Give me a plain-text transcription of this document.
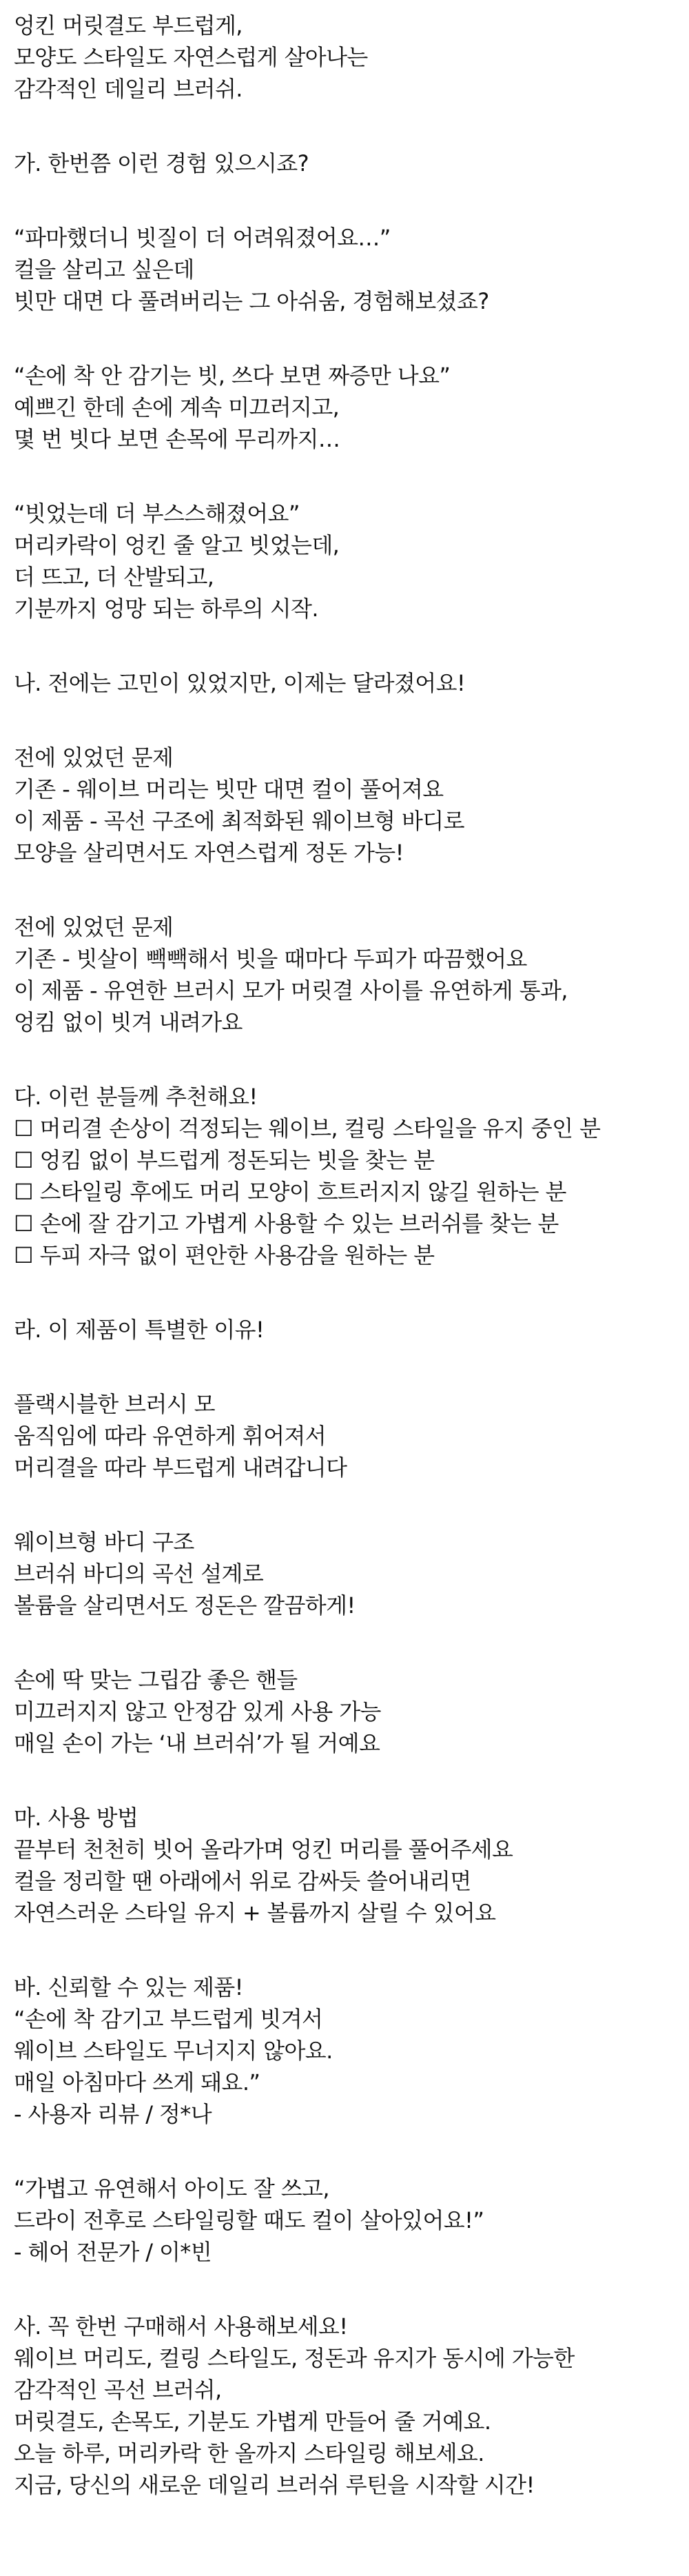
엉킨 머릿결도 부드럽게,
모양도 스타일도 자연스럽게 살아나는
감각적인 데일리 브러쉬.
가. 한번쯤 이런 경험 있으시죠?
“파마했더니 빗질이 더 어려워졌어요…”
컬을 살리고 싶은데
빗만 대면 다 풀려버리는 그 아쉬움, 경험해보셨죠?
“손에 착 안 감기는 빗, 쓰다 보면 짜증만 나요”
예쁘긴 한데 손에 계속 미끄러지고,
몇 번 빗다 보면 손목에 무리까지…
“빗었는데 더 부스스해졌어요”
머리카락이 엉킨 줄 알고 빗었는데,
더 뜨고, 더 산발되고,
기분까지 엉망 되는 하루의 시작.
나. 전에는 고민이 있었지만, 이제는 달라졌어요!
전에 있었던 문제
기존 - 웨이브 머리는 빗만 대면 컬이 풀어져요
이 제품 - 곡선 구조에 최적화된 웨이브형 바디로
모양을 살리면서도 자연스럽게 정돈 가능!
전에 있었던 문제
기존 - 빗살이 빽빽해서 빗을 때마다 두피가 따끔했어요
이 제품 - 유연한 브러시 모가 머릿결 사이를 유연하게 통과,
엉킴 없이 빗겨 내려가요
다. 이런 분들께 추천해요!
☐ 머리결 손상이 걱정되는 웨이브, 컬링 스타일을 유지 중인 분
☐ 엉킴 없이 부드럽게 정돈되는 빗을 찾는 분
☐ 스타일링 후에도 머리 모양이 흐트러지지 않길 원하는 분
☐ 손에 잘 감기고 가볍게 사용할 수 있는 브러쉬를 찾는 분
☐ 두피 자극 없이 편안한 사용감을 원하는 분
라. 이 제품이 특별한 이유!
플랙시블한 브러시 모
움직임에 따라 유연하게 휘어져서
머리결을 따라 부드럽게 내려갑니다
웨이브형 바디 구조
브러쉬 바디의 곡선 설계로
볼륨을 살리면서도 정돈은 깔끔하게!
손에 딱 맞는 그립감 좋은 핸들
미끄러지지 않고 안정감 있게 사용 가능
매일 손이 가는 ‘내 브러쉬’가 될 거예요
마. 사용 방법
끝부터 천천히 빗어 올라가며 엉킨 머리를 풀어주세요
컬을 정리할 땐 아래에서 위로 감싸듯 쓸어내리면
자연스러운 스타일 유지 + 볼륨까지 살릴 수 있어요
바. 신뢰할 수 있는 제품!
“손에 착 감기고 부드럽게 빗겨서
웨이브 스타일도 무너지지 않아요.
매일 아침마다 쓰게 돼요.”
- 사용자 리뷰 / 정*나
“가볍고 유연해서 아이도 잘 쓰고,
드라이 전후로 스타일링할 때도 컬이 살아있어요!”
- 헤어 전문가 / 이*빈
사. 꼭 한번 구매해서 사용해보세요!
웨이브 머리도, 컬링 스타일도, 정돈과 유지가 동시에 가능한
감각적인 곡선 브러쉬,
머릿결도, 손목도, 기분도 가볍게 만들어 줄 거예요.
오늘 하루, 머리카락 한 올까지 스타일링 해보세요.
지금, 당신의 새로운 데일리 브러쉬 루틴을 시작할 시간!
